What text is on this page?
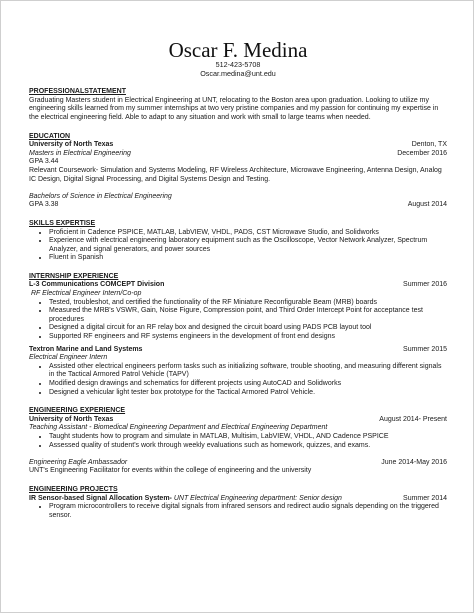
Oscar F. Medina
512-423-5708
Oscar.medina@unt.edu
PROFESSIONALSTATEMENT

Graduating Masters student in Electrical Engineering at UNT, relocating to the Boston area upon graduation. Looking to utilize my engineering skills learned from my summer internships at two very pristine companies and my passion for continuing my expertise in the electrical engineering field. Able to adapt to any situation and work with small to large teams when needed.

EDUCATION
University of North Texas	Denton, TX
Masters in Electrical Engineering	December 2016
GPA 3.44

Relevant Coursework- Simulation and Systems Modeling, RF Wireless Architecture, Microwave Engineering, Antenna Design, Analog IC Design, Digital Signal Processing, and Digital Systems Design and Testing.

Bachelors of Science in Electrical Engineering
GPA 3.38	August 2014
SKILLS EXPERTISE
• Proficient in Cadence PSPICE, MATLAB, LabVIEW, VHDL, PADS, CST Microwave Studio, and Solidworks
• Experience with electrical engineering laboratory equipment such as the Oscilloscope, Vector Network Analyzer, Spectrum Analyzer, and signal generators, and power sources
• Fluent in Spanish
INTERNSHIP EXPERIENCE
L-3 Communications COMCEPT Division	Summer 2016
RF Electrical Engineer Intern/Co-op
• Tested, troubleshot, and certified the functionality of the RF Miniature Reconfigurable Beam (MRB) boards
• Measured the MRB's VSWR, Gain, Noise Figure, Compression point, and Third Order Intercept Point for acceptance test procedures
• Designed a digital circuit for an RF relay box and designed the circuit board using PADS PCB layout tool
• Supported RF engineers and RF systems engineers in the development of front end designs
Textron Marine and Land Systems	Summer 2015
Electrical Engineer Intern
• Assisted other electrical engineers perform tasks such as initializing software, trouble shooting, and measuring different signals in the Tactical Armored Patrol Vehicle (TAPV)
• Modified design drawings and schematics for different projects using AutoCAD and Solidworks
• Designed a vehicular light tester box prototype for the Tactical Armored Patrol Vehicle.
ENGINEERING EXPERIENCE
University of North Texas	August 2014- Present
Teaching Assistant - Biomedical Engineering Department and Electrical Engineering Department
• Taught students how to program and simulate in MATLAB, Multisim, LabVIEW, VHDL, AND Cadence PSPICE
• Assessed quality of student's work through weekly evaluations such as homework, quizzes, and exams.
Engineering Eagle Ambassador	June 2014-May 2016
UNT's Engineering Facilitator for events within the college of engineering and the university
ENGINEERING PROJECTS
IR Sensor-based Signal Allocation System- UNT Electrical Engineering department: Senior design	Summer 2014
• Program microcontrollers to receive digital signals from infrared sensors and redirect audio signals depending on the triggered sensor.
